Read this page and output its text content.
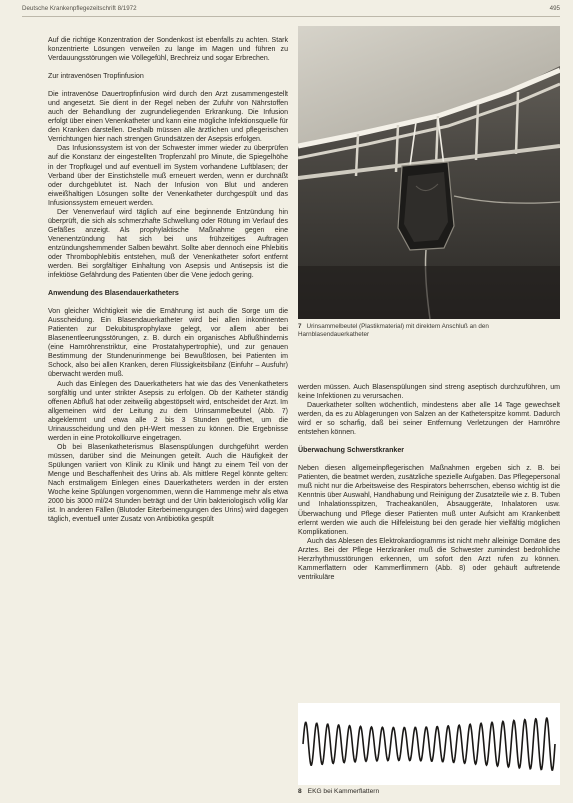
Deutsche Krankenpflegezeitschrift 8/1972	495

Auf die richtige Konzentration der Sondenkost ist ebenfalls zu achten. Stark konzentrierte Lösungen verweilen zu lange im Magen und führen zu Verdauungsstörungen wie Völlegefühl, Brechreiz und sogar Erbrechen.

Zur intravenösen Tropfinfusion

Die intravenöse Dauertropfinfusion wird durch den Arzt zusammengestellt und angesetzt. Sie dient in der Regel neben der Zufuhr von Nährstoffen auch der Behandlung der zugrundeliegenden Erkrankung. Die Infusion erfolgt über einen Venenkatheter und kann eine mögliche Infektionsquelle für den Kranken darstellen. Deshalb müssen alle ärztlichen und pflegerischen Verrichtungen hier nach strengen Grundsätzen der Asepsis erfolgen.

Das Infusionssystem ist von der Schwester immer wieder zu überprüfen auf die Konstanz der eingestellten Tropfenzahl pro Minute, die Spiegelhöhe in der Tropfkugel und auf eventuell im System vorhandene Luftblasen; der Verband über der Einstichstelle muß erneuert werden, wenn er durchnäßt oder durchgeblutet ist. Nach der Infusion von Blut und anderen eiweißhaltigen Lösungen sollte der Venenkatheter durchgespült und das Infusionssystem erneuert werden.

Der Venenverlauf wird täglich auf eine beginnende Entzündung hin überprüft, die sich als schmerzhafte Schwellung oder Rötung im Verlauf des Gefäßes anzeigt. Als prophylaktische Maßnahme gegen eine Venenentzündung hat sich bei uns frühzeitiges Auftragen entzündungshemmender Salben bewährt. Sollte aber dennoch eine Phlebitis oder Thrombophlebitis entstehen, muß der Venenkatheter sofort entfernt werden. Bei sorgfältiger Einhaltung von Asepsis und Antisepsis ist die infektiöse Gefährdung des Patienten über die Vene jedoch gering.

Anwendung des Blasendauerkatheters

Von gleicher Wichtigkeit wie die Ernährung ist auch die Sorge um die Ausscheidung. Ein Blasendauerkatheter wird bei allen inkontinenten Patienten zur Dekubitusprophylaxe gelegt, vor allem aber bei Blasenentleerungsstörungen, z. B. durch ein organisches Abflußhindernis (eine Harnröhrenstriktur, eine Prostatahypertrophie), und zur genauen Bestimmung der Stundenurinmenge bei Bewußtlosen, bei Patienten im Schock, also bei allen Kranken, deren Flüssigkeitsbilanz (Einfuhr – Ausfuhr) überwacht werden muß.

Auch das Einlegen des Dauerkatheters hat wie das des Venenkatheters sorgfältig und unter strikter Asepsis zu erfolgen. Ob der Katheter ständig offenen Abfluß hat oder zeitweilig abgestöpselt wird, entscheidet der Arzt. Im allgemeinen wird der Leitung zu dem Urinsammelbeutel (Abb. 7) abgeklemmt und etwa alle 2 bis 3 Stunden geöffnet, um die Urinausscheidung und den pH-Wert messen zu können. Die Ergebnisse werden in eine Protokollkurve eingetragen.

Ob bei Blasenkatheterismus Blasenspülungen durchgeführt werden müssen, darüber sind die Meinungen geteilt. Auch die Häufigkeit der Spülungen variiert von Klinik zu Klinik und hängt zu einem Teil von der Menge und Beschaffenheit des Urins ab. Als mittlere Regel könnte gelten: Nach erstmaligem Einlegen eines Dauerkatheters werden in der ersten Woche keine Spülungen vorgenommen, wenn die Harnmenge mehr als etwa 2000 bis 3000 ml/24 Stunden beträgt und der Urin bakteriologisch völlig klar ist. In anderen Fällen (Blutoder Eiterbeimengungen des Urins) wird dagegen täglich, eventuell unter Zusatz von Antibiotika gespült

7 Urinsammelbeutel (Plastikmaterial) mit direktem Anschluß an den Harnblasendauerkatheter

werden müssen. Auch Blasenspülungen sind streng aseptisch durchzuführen, um keine Infektionen zu verursachen.

Dauerkatheter sollten wöchentlich, mindestens aber alle 14 Tage gewechselt werden, da es zu Ablagerungen von Salzen an der Katheterspitze kommt. Dadurch wird er so scharfig, daß bei seiner Entfernung Verletzungen der Harnröhre entstehen können.

Überwachung Schwerstkranker

Neben diesen allgemeinpflegerischen Maßnahmen ergeben sich z. B. bei Patienten, die beatmet werden, zusätzliche spezielle Aufgaben. Das Pflegepersonal muß nicht nur die Arbeitsweise des Respirators beherrschen, ebenso wichtig ist die Kenntnis über Auswahl, Handhabung und Reinigung der Zusatzteile wie z. B. Tuben und Inhalationsspitzen, Tracheakanülen, Absauggeräte, Inhalatoren usw. Überwachung und Pflege dieser Patienten muß unter Aufsicht am Krankenbett erlernt werden wie auch die Hilfeleistung bei den gerade hier vielfältig möglichen Komplikationen.

Auch das Ablesen des Elektrokardiogramms ist nicht mehr alleinige Domäne des Arztes. Bei der Pflege Herzkranker muß die Schwester zumindest bedrohliche Herzrhythmusstörungen erkennen, um sofort den Arzt rufen zu können. Kammerflattern oder Kammerflimmern (Abb. 8) oder gehäuft auftretende ventrikuläre

8 EKG bei Kammerflattern
